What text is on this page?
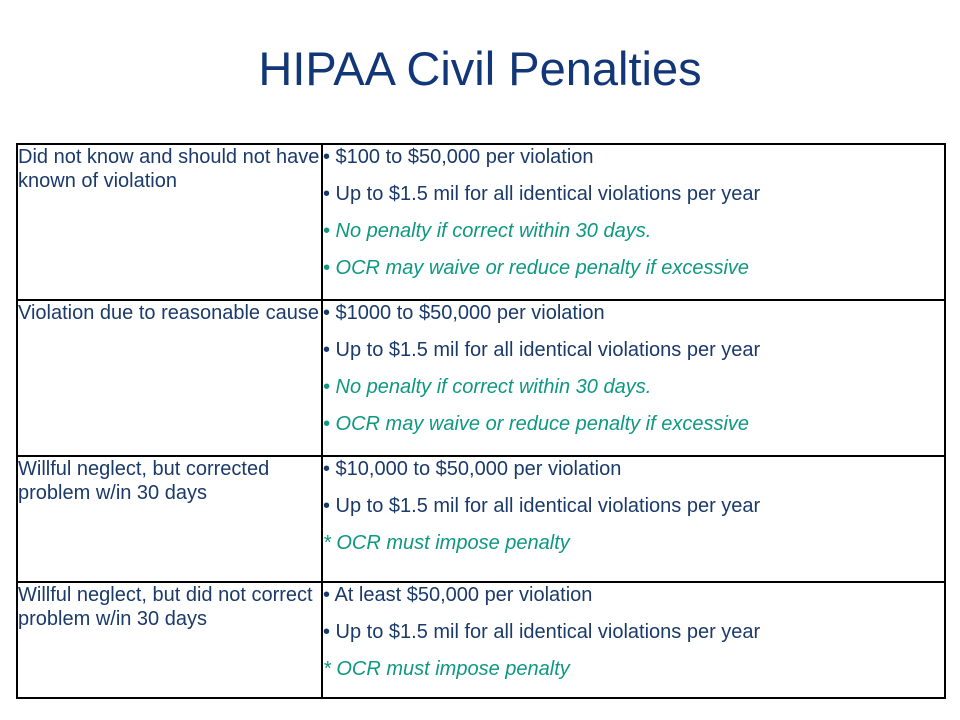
HIPAA Civil Penalties
Did not know and should not have known of violation	• $100 to $50,000 per violation
• Up to $1.5 mil for all identical violations per year
• No penalty if correct within 30 days.
• OCR may waive or reduce penalty if excessive

Violation due to reasonable cause	• $1000 to $50,000 per violation
• Up to $1.5 mil for all identical violations per year
• No penalty if correct within 30 days.
• OCR may waive or reduce penalty if excessive

Willful neglect, but corrected problem w/in 30 days	• $10,000 to $50,000 per violation
• Up to $1.5 mil for all identical violations per year
* OCR must impose penalty

Willful neglect, but did not correct problem w/in 30 days	• At least $50,000 per violation
• Up to $1.5 mil for all identical violations per year
* OCR must impose penalty
